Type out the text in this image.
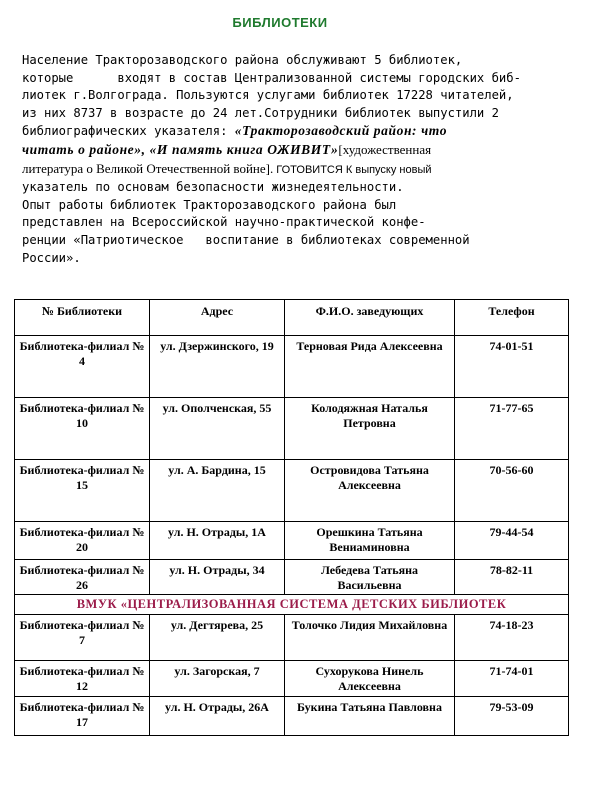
БИБЛИОТЕКИ
Население Тракторозаводского района обслуживают 5 библиотек,
которые      входят в состав Централизованной системы городских биб-
лиотек г.Волгограда. Пользуются услугами библиотек 17228 читателей,
из них 8737 в возрасте до 24 лет.Сотрудники библиотек выпустили 2
библиографических указателя: «Тракторозаводский район: что
читать о районе», «И память книга ОЖИВИТ»[художественная
литература о Великой Отечественной войне]. ГОТОВИТСЯ К выпуску новый
указатель по основам безопасности жизнедеятельности.
Опыт работы библиотек Тракторозаводского района был
представлен на Всероссийской научно-практической конфе-
ренции «Патриотическое   воспитание в библиотеках современной
России».
№ Библиотеки	Адрес	Ф.И.О. заведующих	Телефон
Библиотека-филиал № 4	ул. Дзержинского, 19	Терновая Рида Алексеевна	74-01-51
Библиотека-филиал № 10	ул. Ополченская, 55	Колодяжная Наталья Петровна	71-77-65
Библиотека-филиал № 15	ул. А. Бардина, 15	Островидова Татьяна Алексеевна	70-56-60
Библиотека-филиал № 20	ул. Н. Отрады, 1А	Орешкина Татьяна Вениаминовна	79-44-54
Библиотека-филиал № 26	ул. Н. Отрады, 34	Лебедева Татьяна Васильевна	78-82-11
ВМУК «ЦЕНТРАЛИЗОВАННАЯ СИСТЕМА ДЕТСКИХ БИБЛИОТЕК			
Библиотека-филиал № 7	ул. Дегтярева, 25	Толочко Лидия Михайловна	74-18-23
Библиотека-филиал № 12	ул. Загорская, 7	Сухорукова Нинель Алексеевна	71-74-01
Библиотека-филиал № 17	ул. Н. Отрады, 26А	Букина Татьяна Павловна	79-53-09
